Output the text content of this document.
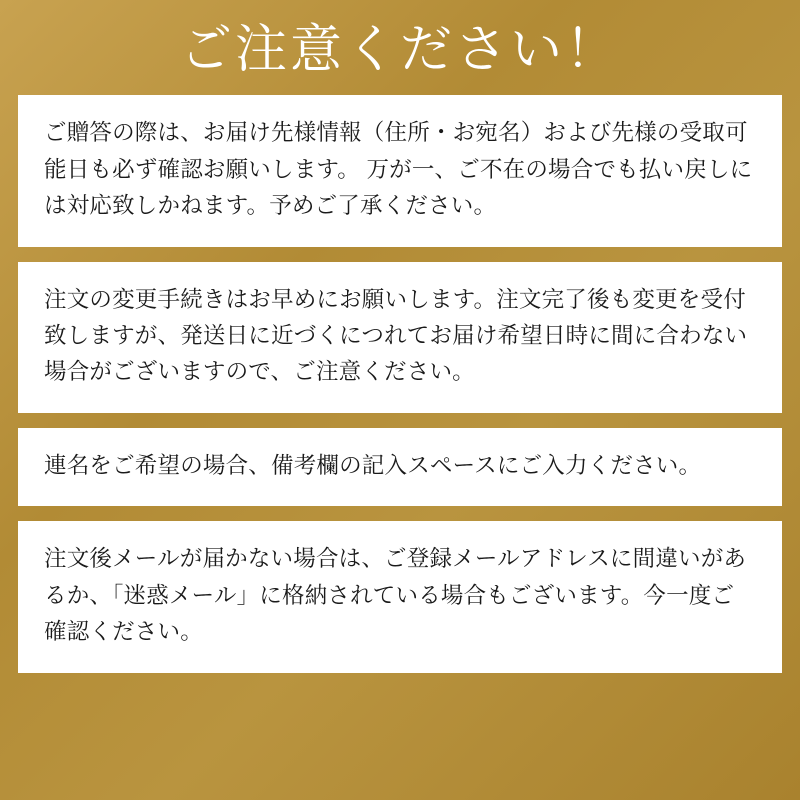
ご注意ください！

ご贈答の際は、お届け先様情報（住所・お宛名）および先様の受取可能日も必ず確認お願いします。 万が一、ご不在の場合でも払い戻しには対応致しかねます。予めご了承ください。

注文の変更手続きはお早めにお願いします。注文完了後も変更を受付致しますが、発送日に近づくにつれてお届け希望日時に間に合わない場合がございますので、ご注意ください。

連名をご希望の場合、備考欄の記入スペースにご入力ください。

注文後メールが届かない場合は、ご登録メールアドレスに間違いがあるか、「迷惑メール」に格納されている場合もございます。今一度ご確認ください。
